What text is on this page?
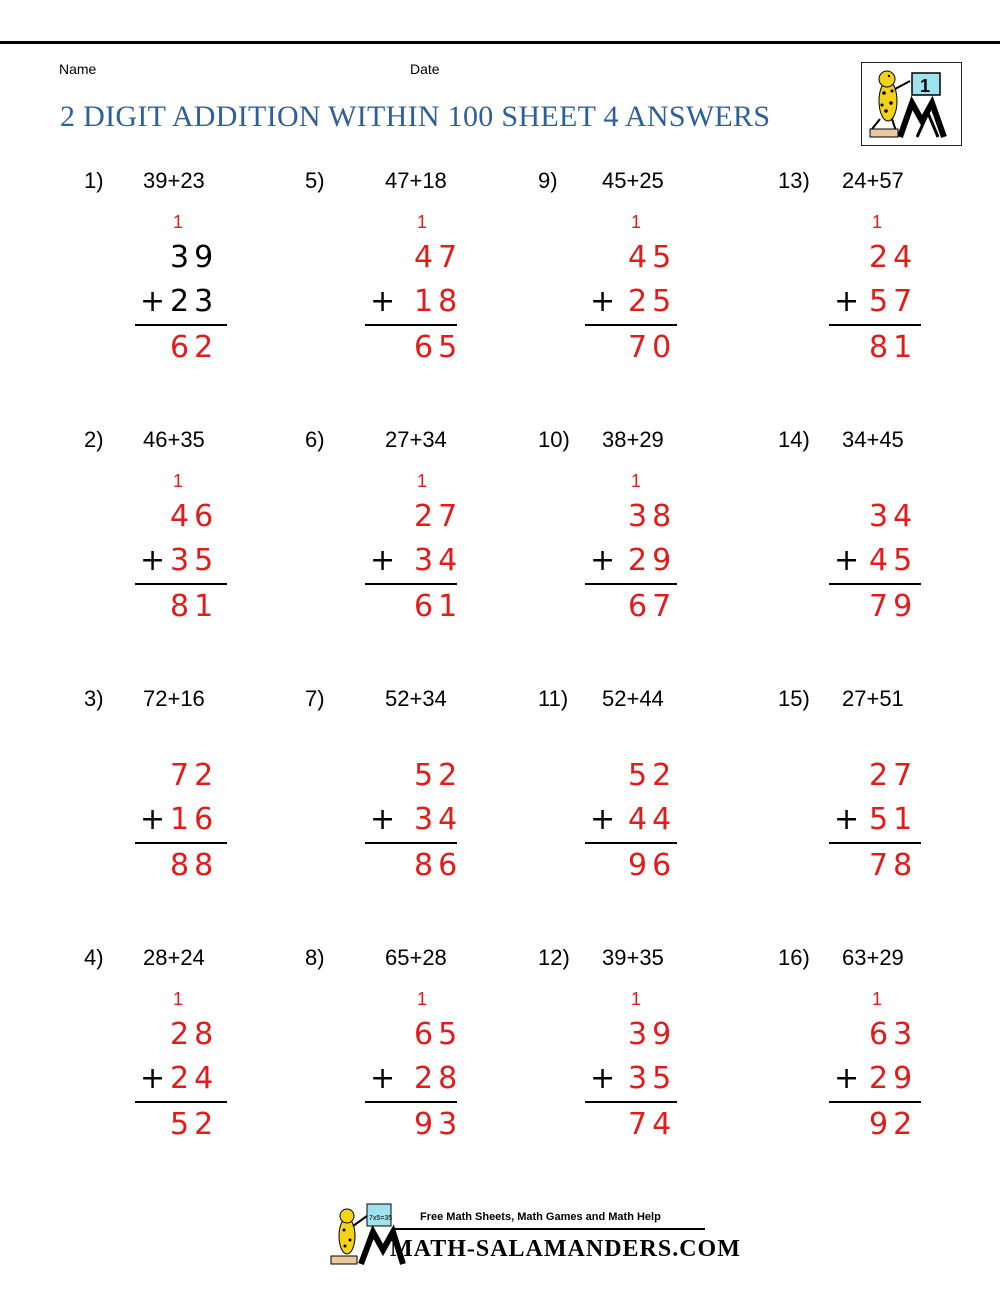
Name	Date
2 DIGIT ADDITION WITHIN 100 SHEET 4 ANSWERS
1
1) 39+23
1
39
+ 23
62
2) 46+35
1
46
+ 35
81
3) 72+16
72
+ 16
88
4) 28+24
1
28
+ 24
52
5)	47+18
1
47
+ 18
65
6)	27+34
1
27
+ 34
61
7)	52+34
52
+ 34
86
8)	65+28
1
65
+ 28
93
9) 45+25
1
45
+ 25
70
10) 38+29
1
38
+ 29
67
11) 52+44
52
+ 44
96
12) 39+35
1
39
+ 35
74
13) 24+57
1
24
+ 57
81
14) 34+45
34
+ 45
79
15) 27+51
27
+ 51
78
16) 63+29
1
63
+ 29
92
7x5=35	Free Math Sheets, Math Games and Math Help
MATH-SALAMANDERS.COM
